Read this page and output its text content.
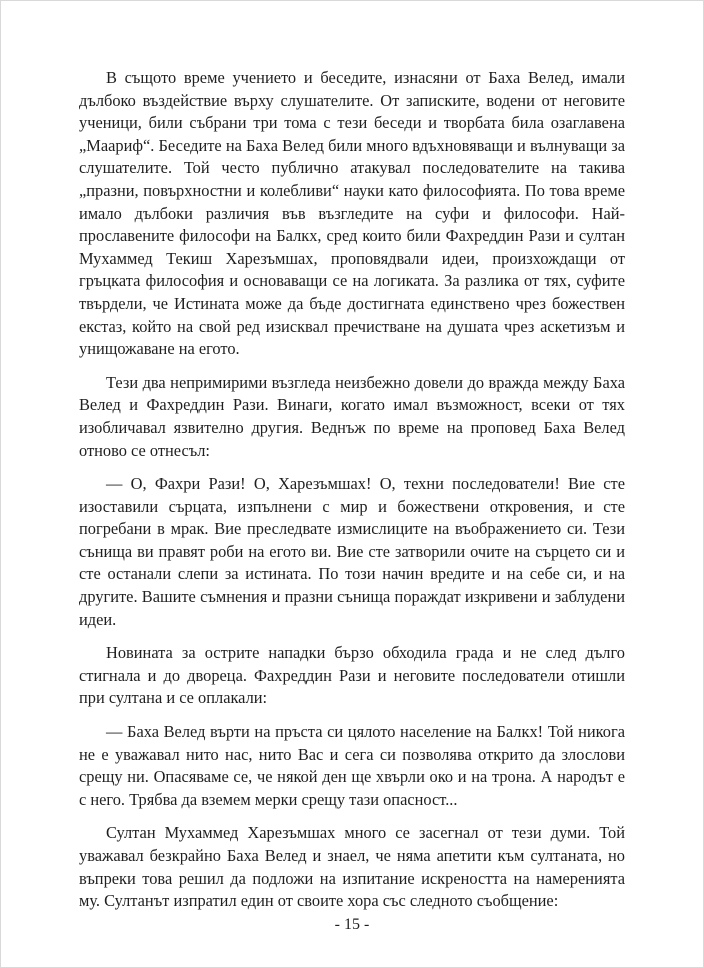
В същото време учението и беседите, изнасяни от Баха Велед, имали дълбоко въздействие върху слушателите. От записките, водени от неговите ученици, били събрани три тома с тези беседи и творбата била озаглавена „Маариф“. Беседите на Баха Велед били много вдъхновяващи и вълнуващи за слушателите. Той често публично атакувал последователите на такива „празни, повърхностни и колебливи“ науки като философията. По това време имало дълбоки различия във възгледите на суфи и философи. Най-прославените философи на Балкх, сред които били Фахреддин Рази и султан Мухаммед Текиш Харезъмшах, проповядвали идеи, произхождащи от гръцката философия и основаващи се на логиката. За разлика от тях, суфите твърдели, че Истината може да бъде достигната единствено чрез божествен екстаз, който на свой ред изисквал пречистване на душата чрез аскетизъм и унищожаване на егото.

Тези два непримирими възгледа неизбежно довели до вражда между Баха Велед и Фахреддин Рази. Винаги, когато имал възможност, всеки от тях изобличавал язвително другия. Веднъж по време на проповед Баха Велед отново се отнесъл:

— О, Фахри Рази! О, Харезъмшах! О, техни последователи! Вие сте изоставили сърцата, изпълнени с мир и божествени откровения, и сте погребани в мрак. Вие преследвате измислиците на въображението си. Тези сънища ви правят роби на егото ви. Вие сте затворили очите на сърцето си и сте останали слепи за истината. По този начин вредите и на себе си, и на другите. Вашите съмнения и празни сънища пораждат изкривени и заблудени идеи.

Новината за острите нападки бързо обходила града и не след дълго стигнала и до двореца. Фахреддин Рази и неговите последователи отишли при султана и се оплакали:

— Баха Велед върти на пръста си цялото население на Балкх! Той никога не е уважавал нито нас, нито Вас и сега си позволява открито да злослови срещу ни. Опасяваме се, че някой ден ще хвърли око и на трона. А народът е с него. Трябва да вземем мерки срещу тази опасност...

Султан Мухаммед Харезъмшах много се засегнал от тези думи. Той уважавал безкрайно Баха Велед и знаел, че няма апетити към султаната, но въпреки това решил да подложи на изпитание искреността на намеренията му. Султанът изпратил един от своите хора със следното съобщение:

- 15 -
